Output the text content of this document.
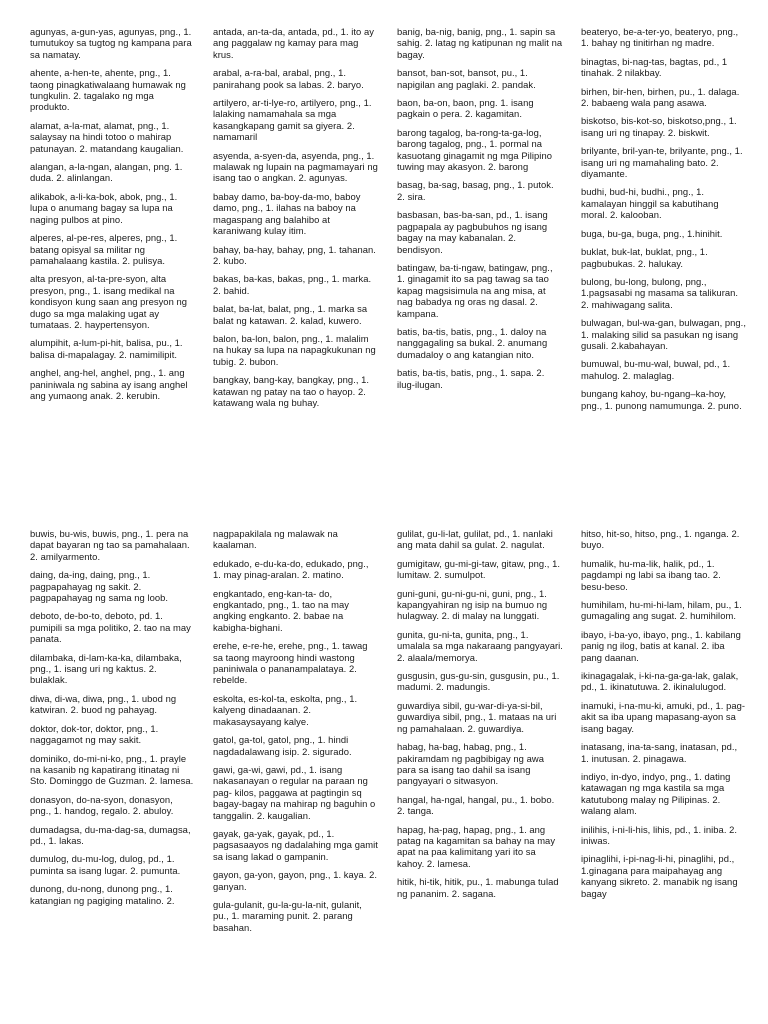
agunyas, a-gun-yas, agunyas, png., 1. tumutukoy sa tugtog ng kampana para sa namatay.

ahente, a-hen-te, ahente, png., 1. taong pinagkatiwalaang humawak ng tungkulin. 2. tagalako ng mga produkto.

alamat, a-la-mat, alamat, png., 1. salaysay na hindi totoo o mahirap patunayan. 2. matandang kaugalian.

alangan, a-la-ngan, alangan, png. 1. duda. 2. alinlangan.

alikabok, a-li-ka-bok, abok, png., 1. lupa o anumang bagay sa lupa na naging pulbos at pino.

alperes, al-pe-res, alperes, png., 1. batang opisyal sa militar ng pamahalaang kastila. 2. pulisya.

alta presyon, al-ta-pre-syon, alta presyon, png., 1. isang medikal na kondisyon kung saan ang presyon ng dugo sa mga malaking ugat ay tumataas. 2. haypertensyon.

alumpihit, a-lum-pi-hit, balisa, pu., 1. balisa di-mapalagay. 2. namimilipit.

anghel, ang-hel, anghel, png., 1. ang paniniwala ng sabina ay isang anghel ang yumaong anak. 2. kerubin.

antada, an-ta-da, antada, pd., 1. ito ay ang paggalaw ng kamay para mag krus.

arabal, a-ra-bal, arabal, png., 1. panirahang pook sa labas. 2. baryo.

artilyero, ar-ti-lye-ro, artilyero, png., 1. lalaking namamahala sa mga kasangkapang gamit sa giyera. 2. namamaril

asyenda, a-syen-da, asyenda, png., 1. malawak ng lupain na pagmamayari ng isang tao o angkan. 2. agunyas.

babay damo, ba-boy-da-mo, baboy damo, png., 1. ilahas na baboy na magaspang ang balahibo at karaniwang kulay itim.

bahay, ba-hay, bahay, png, 1. tahanan. 2. kubo.

bakas, ba-kas, bakas, png., 1. marka. 2. bahid.

balat, ba-lat, balat, png., 1. marka sa balat ng katawan. 2. kalad, kuwero.

balon, ba-lon, balon, png., 1. malalim na hukay sa lupa na napagkukunan ng tubig. 2. bubon.

bangkay, bang-kay, bangkay, png., 1. katawan ng patay na tao o hayop. 2. katawang wala ng buhay.

banig, ba-nig, banig, png., 1. sapin sa sahig. 2. latag ng katipunan ng malit na bagay.

bansot, ban-sot, bansot, pu., 1. napigilan ang paglaki. 2. pandak.

baon, ba-on, baon, png. 1. isang pagkain o pera. 2. kagamitan.

barong tagalog, ba-rong-ta-ga-log, barong tagalog, png., 1. pormal na kasuotang ginagamit ng mga Pilipino tuwing may akasyon. 2. barong

basag, ba-sag, basag, png., 1. putok. 2. sira.

basbasan, bas-ba-san, pd., 1. isang pagpapala ay pagbubuhos ng isang bagay na may kabanalan. 2. bendisyon.

batingaw, ba-ti-ngaw, batingaw, png., 1. ginagamit ito sa pag tawag sa tao kapag magsisimula na ang misa, at nag babadya ng oras ng dasal. 2. kampana.

batis, ba-tis, batis, png., 1. daloy na nanggagaling sa bukal. 2. anumang dumadaloy o ang katangian nito.

batis, ba-tis, batis, png., 1. sapa. 2. ilug-ilugan.

beateryo, be-a-ter-yo, beateryo, png., 1. bahay ng tinitirhan ng madre.

binagtas, bi-nag-tas, bagtas, pd., 1 tinahak. 2 nilakbay.

birhen, bir-hen, birhen, pu., 1. dalaga. 2. babaeng wala pang asawa.

biskotso, bis-kot-so, biskotso,png., 1. isang uri ng tinapay. 2. biskwit.

brilyante, bril-yan-te, brilyante, png., 1. isang uri ng mamahaling bato. 2. diyamante.

budhi, bud-hi, budhi., png., 1. kamalayan hinggil sa kabutihang moral. 2. kalooban.

buga, bu-ga, buga, png., 1.hinihit.

buklat, buk-lat, buklat, png., 1. pagbubukas. 2. halukay.

bulong, bu-long, bulong, png., 1.pagsasabi ng masama sa talikuran. 2. mahiwagang salita.

bulwagan, bul-wa-gan, bulwagan, png., 1. malaking silid sa pasukan ng isang gusali. 2.kabahayan.

bumuwal, bu-mu-wal, buwal, pd., 1. mahulog. 2. malaglag.

bungang kahoy, bu-ngang–ka-hoy, png., 1. punong namumunga. 2. puno.

buwis, bu-wis, buwis, png., 1. pera na dapat bayaran ng tao sa pamahalaan. 2. amilyarmento.

daing, da-ing, daing, png., 1. pagpapahayag ng sakit. 2. pagpapahayag ng sama ng loob.

deboto, de-bo-to, deboto, pd. 1. pumipili sa mga politiko, 2. tao na may panata.

dilambaka, di-lam-ka-ka, dilambaka, png., 1. isang uri ng kaktus. 2. bulaklak.

diwa, di-wa, diwa, png., 1. ubod ng katwiran. 2. buod ng pahayag.

doktor, dok-tor, doktor, png., 1. naggagamot ng may sakit.

dominiko, do-mi-ni-ko, png., 1. prayle na kasanib ng kapatirang itinatag ni Sto. Dominggo de Guzman. 2. lamesa.

donasyon, do-na-syon, donasyon, png., 1. handog, regalo. 2. abuloy.

dumadagsa, du-ma-dag-sa, dumagsa, pd., 1. lakas.

dumulog, du-mu-log, dulog, pd., 1. puminta sa isang lugar. 2. pumunta.

dunong, du-nong, dunong png., 1. katangian ng pagiging matalino. 2.

nagpapakilala ng malawak na kaalaman.

edukado, e-du-ka-do, edukado, png., 1. may pinag-aralan. 2. matino.

engkantado, eng-kan-ta- do, engkantado, png., 1. tao na may angking engkanto. 2. babae na kabigha-bighani.

erehe, e-re-he, erehe, png., 1. tawag sa taong mayroong hindi wastong paniniwala o pananampalataya. 2. rebelde.

eskolta, es-kol-ta, eskolta, png., 1. kalyeng dinadaanan. 2. makasaysayang kalye.

gatol, ga-tol, gatol, png., 1. hindi nagdadalawang isip. 2. sigurado.

gawi, ga-wi, gawi, pd., 1. isang nakasanayan o regular na paraan ng pag- kilos, paggawa at pagtingin sq bagay-bagay na mahirap ng baguhin o tanggalin. 2. kaugalian.

gayak, ga-yak, gayak, pd., 1. pagsasaayos ng dadalahing mga gamit sa isang lakad o gampanin.

gayon, ga-yon, gayon, png., 1. kaya. 2. ganyan.

gula-gulanit, gu-la-gu-la-nit, gulanit, pu., 1. maraming punit. 2. parang basahan.

gulilat, gu-li-lat, gulilat, pd., 1. nanlaki ang mata dahil sa gulat. 2. nagulat.

gumigitaw, gu-mi-gi-taw, gitaw, png., 1. lumitaw. 2. sumulpot.

guni-guni, gu-ni-gu-ni, guni, png., 1. kapangyahiran ng isip na bumuo ng hulagway. 2. di malay na lunggati.

gunita, gu-ni-ta, gunita, png., 1. umalala sa mga nakaraang pangyayari. 2. alaala/memorya.

gusgusin, gus-gu-sin, gusgusin, pu., 1. madumi. 2. madungis.

guwardiya sibil, gu-war-di-ya-si-bil, guwardiya sibil, png., 1. mataas na uri ng pamahalaan. 2. guwardiya.

habag, ha-bag, habag, png., 1. pakiramdam ng pagbibigay ng awa para sa isang tao dahil sa isang pangyayari o sitwasyon.

hangal, ha-ngal, hangal, pu., 1. bobo. 2. tanga.

hapag, ha-pag, hapag, png., 1. ang patag na kagamitan sa bahay na may apat na paa kalimitang yari ito sa kahoy. 2. lamesa.

hitik, hi-tik, hitik, pu., 1. mabunga tulad ng pananim. 2. sagana.

hitso, hit-so, hitso, png., 1. nganga. 2. buyo.

humalik, hu-ma-lik, halik, pd., 1. pagdampi ng labi sa ibang tao. 2. besu-beso.

humihilam, hu-mi-hi-lam, hilam, pu., 1. gumagaling ang sugat. 2. humihilom.

ibayo, i-ba-yo, ibayo, png., 1. kabilang panig ng ilog, batis at kanal. 2. iba pang daanan.

ikinagagalak, i-ki-na-ga-ga-lak, galak, pd., 1. ikinatutuwa. 2. ikinalulugod.

inamuki, i-na-mu-ki, amuki, pd., 1. pag-akit sa iba upang mapasang-ayon sa isang bagay.

inatasang, ina-ta-sang, inatasan, pd., 1. inutusan. 2. pinagawa.

indiyo, in-dyo, indyo, png., 1. dating katawagan ng mga kastila sa mga katutubong malay ng Pilipinas. 2. walang alam.

inilihis, i-ni-li-his, lihis, pd., 1. iniba. 2. iniwas.

ipinaglihi, i-pi-nag-li-hi, pinaglihi, pd., 1.ginagana para maipahayag ang kanyang sikreto. 2. manabik ng isang bagay
